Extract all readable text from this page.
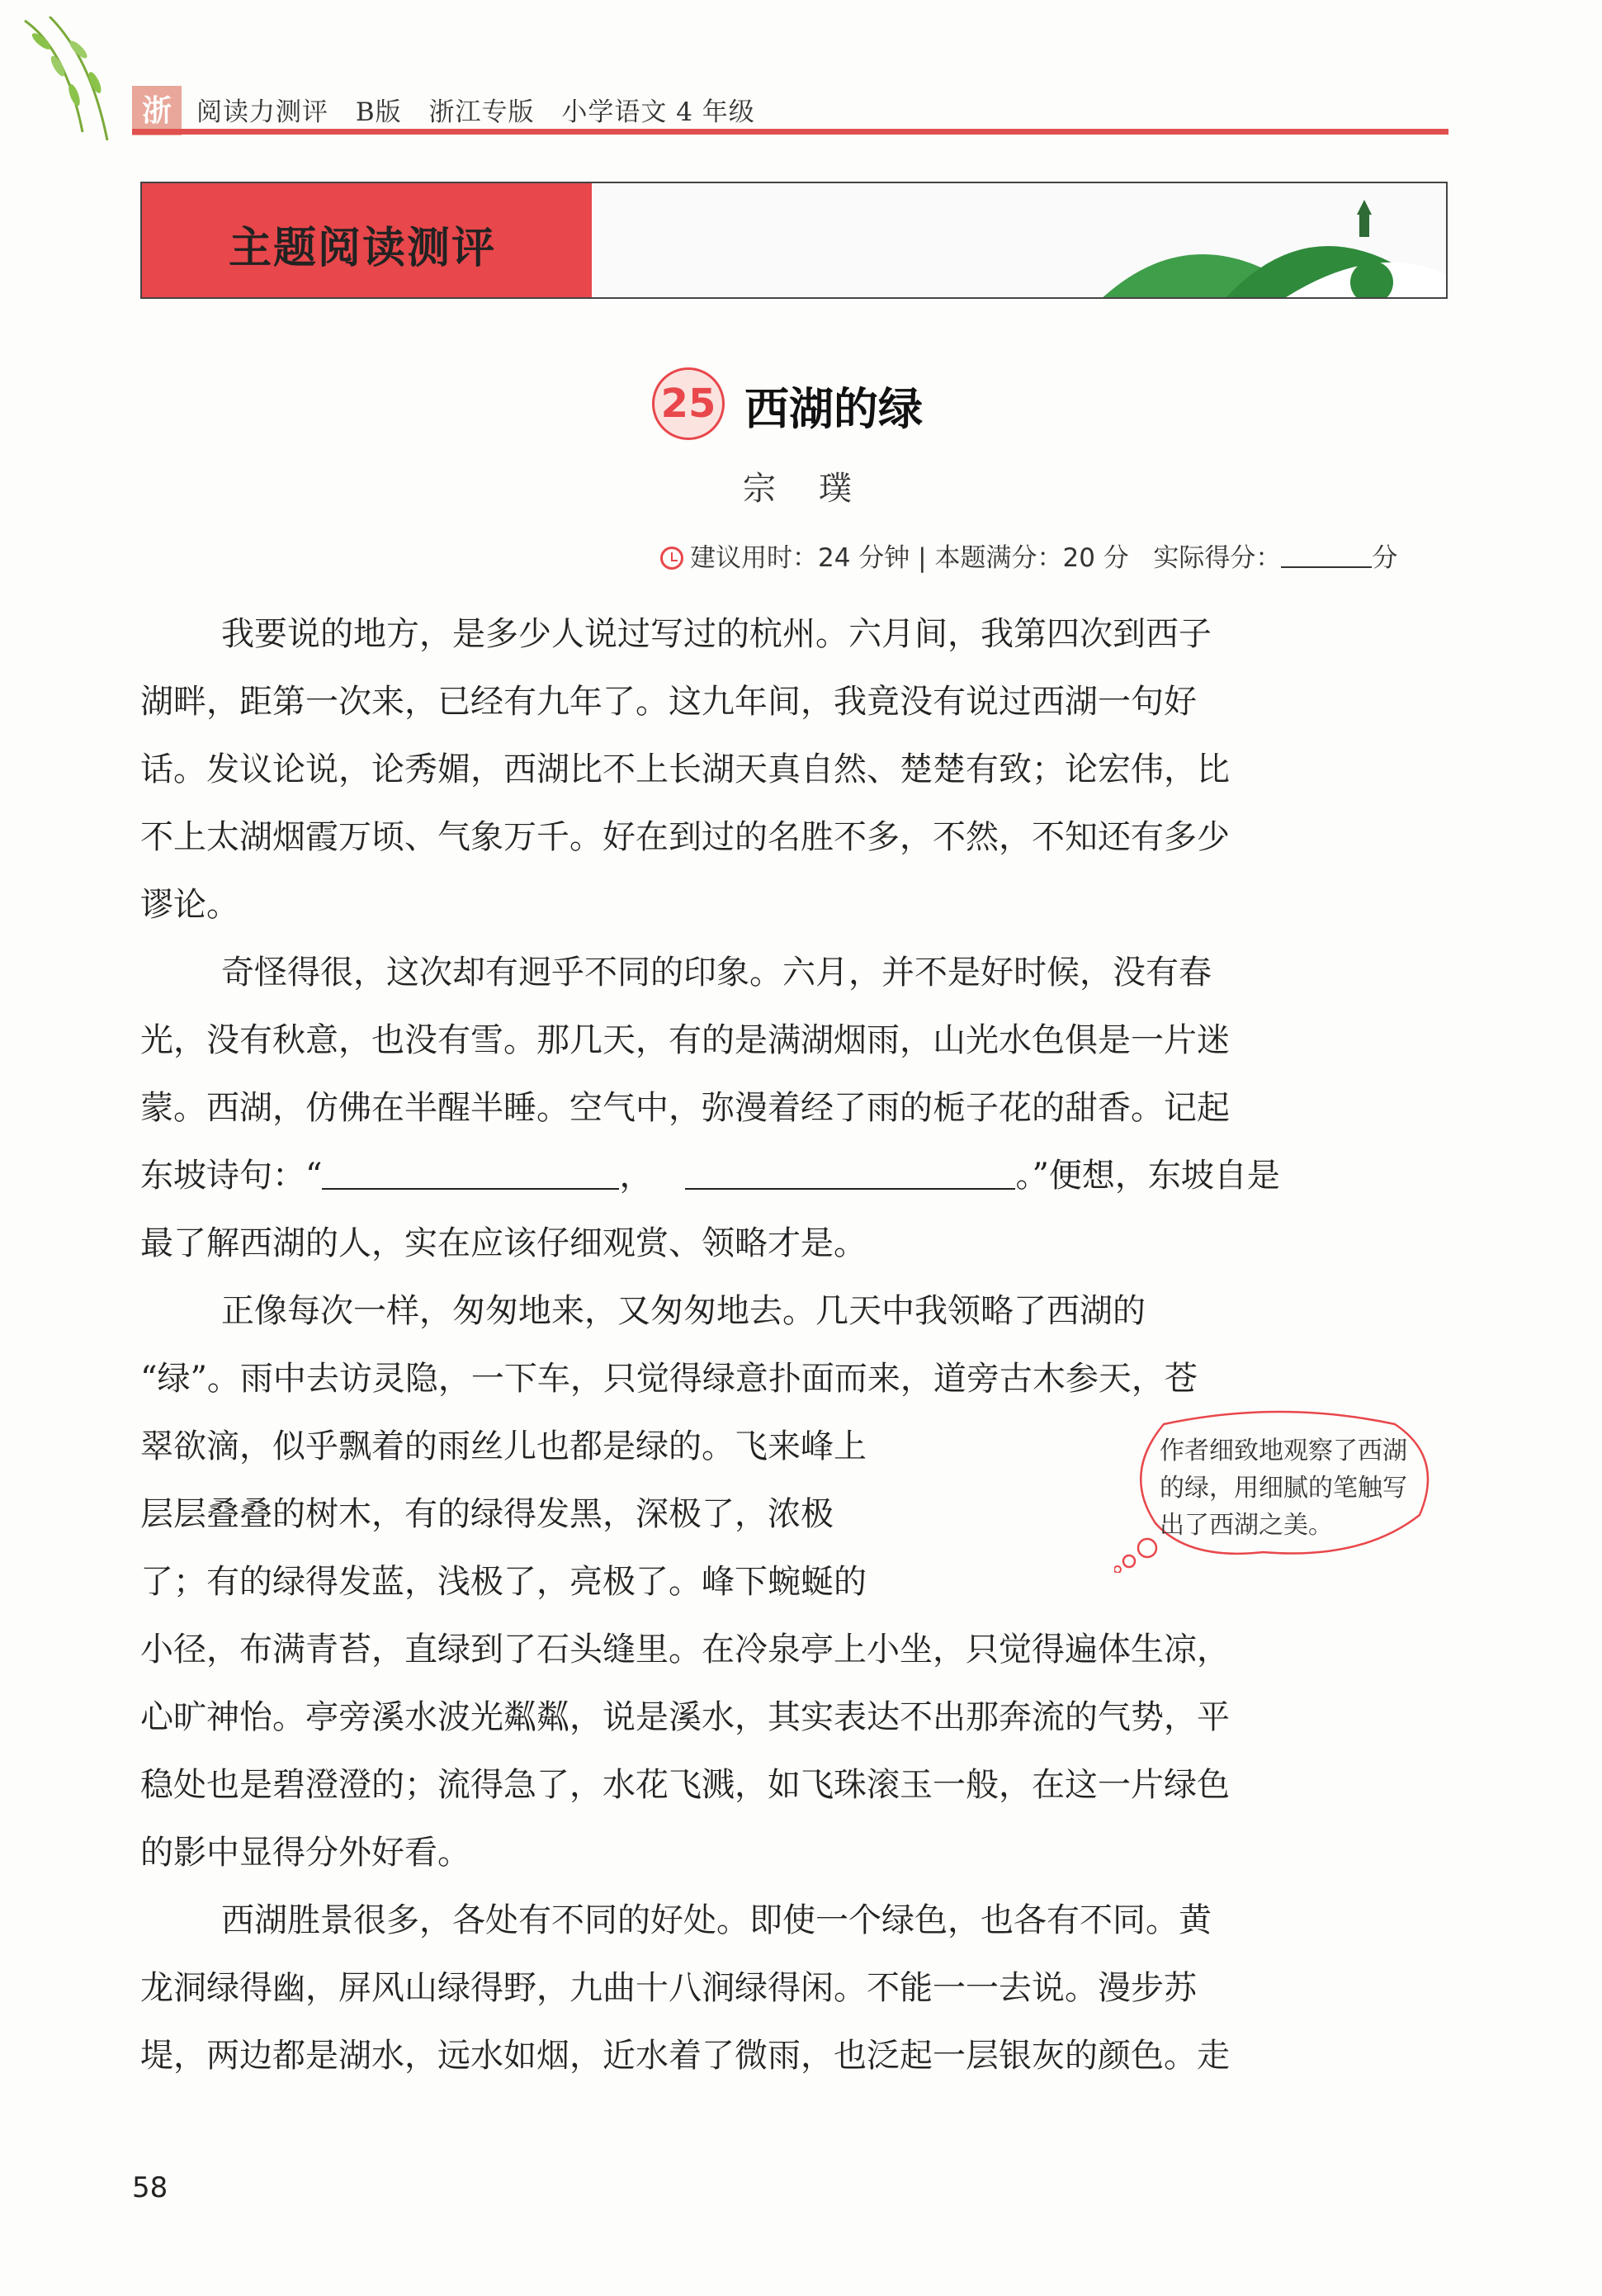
浙 阅读力测评 B版 浙江专版 小学语文 4 年级
主题阅读测评
25 西湖的绿
宗璞
建议用时：24 分钟 | 本题满分：20 分 实际得分：	分
我要说的地方，是多少人说过写过的杭州。六月间，我第四次到西子
湖畔，距第一次来，已经有九年了。这九年间，我竟没有说过西湖一句好
话。发议论说，论秀媚，西湖比不上长湖天真自然、楚楚有致；论宏伟，比
不上太湖烟霞万顷、气象万千。好在到过的名胜不多，不然，不知还有多少
谬论。
奇怪得很，这次却有迥乎不同的印象。六月，并不是好时候，没有春
光，没有秋意，也没有雪。那几天，有的是满湖烟雨，山光水色俱是一片迷
蒙。西湖，仿佛在半醒半睡。空气中，弥漫着经了雨的栀子花的甜香。记起
东坡诗句：“	，	。”便想，东坡自是
最了解西湖的人，实在应该仔细观赏、领略才是。
正像每次一样，匆匆地来，又匆匆地去。几天中我领略了西湖的
“绿”。雨中去访灵隐，一下车，只觉得绿意扑面而来，道旁古木参天，苍
翠欲滴，似乎飘着的雨丝儿也都是绿的。飞来峰上
层层叠叠的树木，有的绿得发黑，深极了，浓极
了；有的绿得发蓝，浅极了，亮极了。峰下蜿蜒的
小径，布满青苔，直绿到了石头缝里。在冷泉亭上小坐，只觉得遍体生凉，
心旷神怡。亭旁溪水波光粼粼，说是溪水，其实表达不出那奔流的气势，平
稳处也是碧澄澄的；流得急了，水花飞溅，如飞珠滚玉一般，在这一片绿色
的影中显得分外好看。
西湖胜景很多，各处有不同的好处。即使一个绿色，也各有不同。黄
龙洞绿得幽，屏风山绿得野，九曲十八涧绿得闲。不能一一去说。漫步苏
堤，两边都是湖水，远水如烟，近水着了微雨，也泛起一层银灰的颜色。走
作者细致地观察了西湖的绿，用细腻的笔触写出了西湖之美。
58
